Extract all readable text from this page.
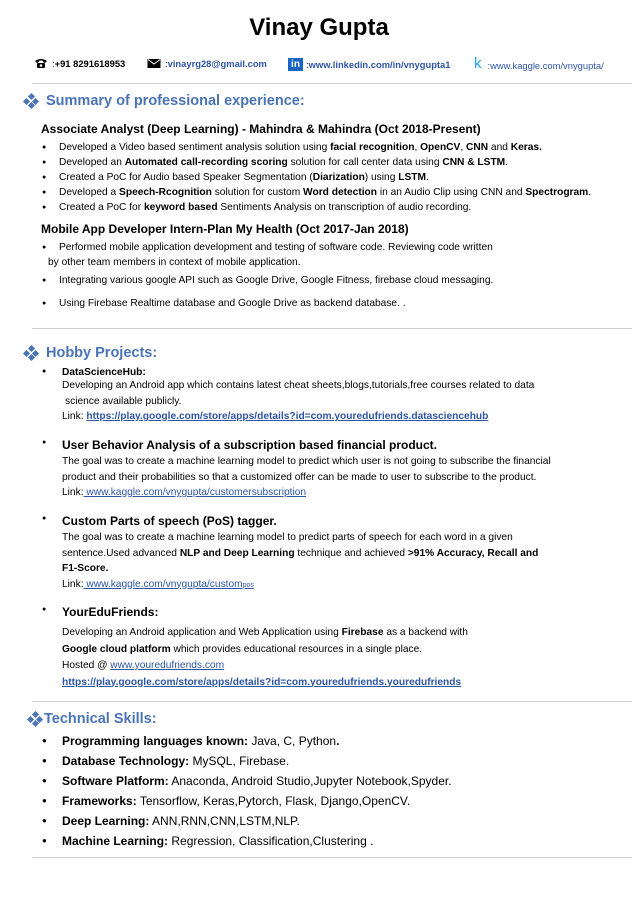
Vinay Gupta
: +91 8291618953	: vinayrg28@gmail.com	in : www.linkedin.com/in/vnygupta1 k : www.kaggle.com/vnygupta/
Summary of professional experience:
Associate Analyst (Deep Learning) - Mahindra & Mahindra (Oct 2018-Present)
● Developed a Video based sentiment analysis solution using facial recognition, OpenCV, CNN and Keras.
● Developed an Automated call-recording scoring solution for call center data using CNN & LSTM.
● Created a PoC for Audio based Speaker Segmentation (Diarization) using LSTM.
● Developed a Speech-Rcognition solution for custom Word detection in an Audio Clip using CNN and Spectrogram.
● Created a PoC for keyword based Sentiments Analysis on transcription of audio recording.
Mobile App Developer Intern-Plan My Health (Oct 2017-Jan 2018)
● Performed mobile application development and testing of software code. Reviewing code written
by other team members in context of mobile application.
● Integrating various google API such as Google Drive, Google Fitness, firebase cloud messaging.
● Using Firebase Realtime database and Google Drive as backend database. .
Hobby Projects:
● DataScienceHub:
Developing an Android app which contains latest cheat sheets,blogs,tutorials,free courses related to data
science available publicly.
Link: https://play.google.com/store/apps/details?id=com.youredufriends.datasciencehub
● User Behavior Analysis of a subscription based financial product.
The goal was to create a machine learning model to predict which user is not going to subscribe the financial
product and their probabilities so that a customized offer can be made to user to subscribe to the product.
Link: www.kaggle.com/vnygupta/customersubscription
● Custom Parts of speech (PoS) tagger.
The goal was to create a machine learning model to predict parts of speech for each word in a given
sentence.Used advanced NLP and Deep Learning technique and achieved >91% Accuracy, Recall and
F1-Score.
Link: www.kaggle.com/vnygupta/custompos
● YourEduFriends:
Developing an Android application and Web Application using Firebase as a backend with
Google cloud platform which provides educational resources in a single place.
Hosted @ www.youredufriends.com
https://play.google.com/store/apps/details?id=com.youredufriends.youredufriends
Technical Skills:
● Programming languages known: Java, C, Python.
● Database Technology: MySQL, Firebase.
● Software Platform: Anaconda, Android Studio,Jupyter Notebook,Spyder.
● Frameworks: Tensorflow, Keras,Pytorch, Flask, Django,OpenCV.
● Deep Learning: ANN,RNN,CNN,LSTM,NLP.
● Machine Learning: Regression, Classification,Clustering .
